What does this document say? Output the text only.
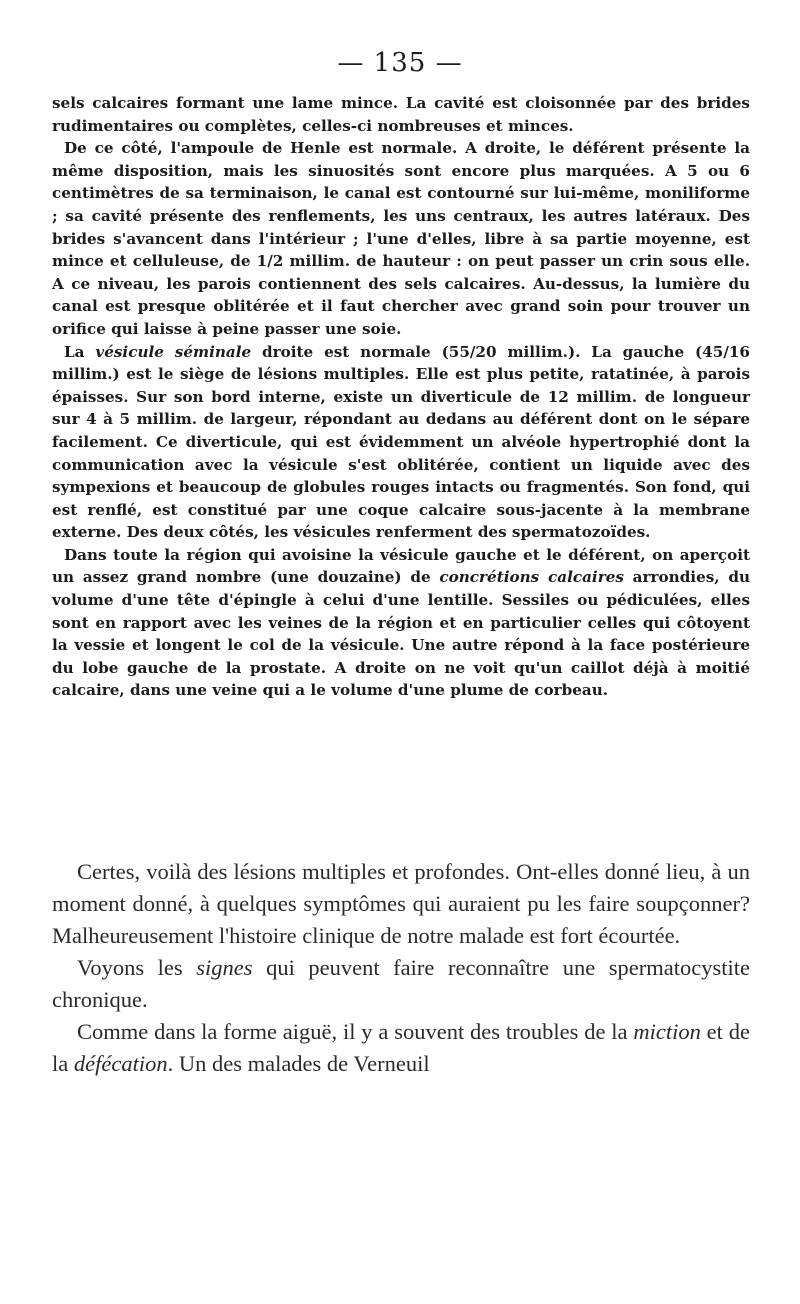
— 135 —

sels calcaires formant une lame mince. La cavité est cloisonnée par des brides rudimentaires ou complètes, celles-ci nombreuses et minces.

De ce côté, l'ampoule de Henle est normale. A droite, le déférent présente la même disposition, mais les sinuosités sont encore plus marquées. A 5 ou 6 centimètres de sa terminaison, le canal est contourné sur lui-même, moniliforme ; sa cavité présente des renflements, les uns centraux, les autres latéraux. Des brides s'avancent dans l'intérieur ; l'une d'elles, libre à sa partie moyenne, est mince et celluleuse, de 1/2 millim. de hauteur : on peut passer un crin sous elle. A ce niveau, les parois contiennent des sels calcaires. Au-dessus, la lumière du canal est presque oblitérée et il faut chercher avec grand soin pour trouver un orifice qui laisse à peine passer une soie.

La vésicule séminale droite est normale (55/20 millim.). La gauche (45/16 millim.) est le siège de lésions multiples. Elle est plus petite, ratatinée, à parois épaisses. Sur son bord interne, existe un diverticule de 12 millim. de longueur sur 4 à 5 millim. de largeur, répondant au dedans au déférent dont on le sépare facilement. Ce diverticule, qui est évidemment un alvéole hypertrophié dont la communication avec la vésicule s'est oblitérée, contient un liquide avec des sympexions et beaucoup de globules rouges intacts ou fragmentés. Son fond, qui est renflé, est constitué par une coque calcaire sous-jacente à la membrane externe. Des deux côtés, les vésicules renferment des spermatozoïdes.

Dans toute la région qui avoisine la vésicule gauche et le déférent, on aperçoit un assez grand nombre (une douzaine) de concrétions calcaires arrondies, du volume d'une tête d'épingle à celui d'une lentille. Sessiles ou pédiculées, elles sont en rapport avec les veines de la région et en particulier celles qui côtoyent la vessie et longent le col de la vésicule. Une autre répond à la face postérieure du lobe gauche de la prostate. A droite on ne voit qu'un caillot déjà à moitié calcaire, dans une veine qui a le volume d'une plume de corbeau.

Certes, voilà des lésions multiples et profondes. Ont-elles donné lieu, à un moment donné, à quelques symptômes qui auraient pu les faire soupçonner? Malheureusement l'histoire clinique de notre malade est fort écourtée.

Voyons les signes qui peuvent faire reconnaître une spermatocystite chronique.

Comme dans la forme aiguë, il y a souvent des troubles de la miction et de la défécation. Un des malades de Verneuil
